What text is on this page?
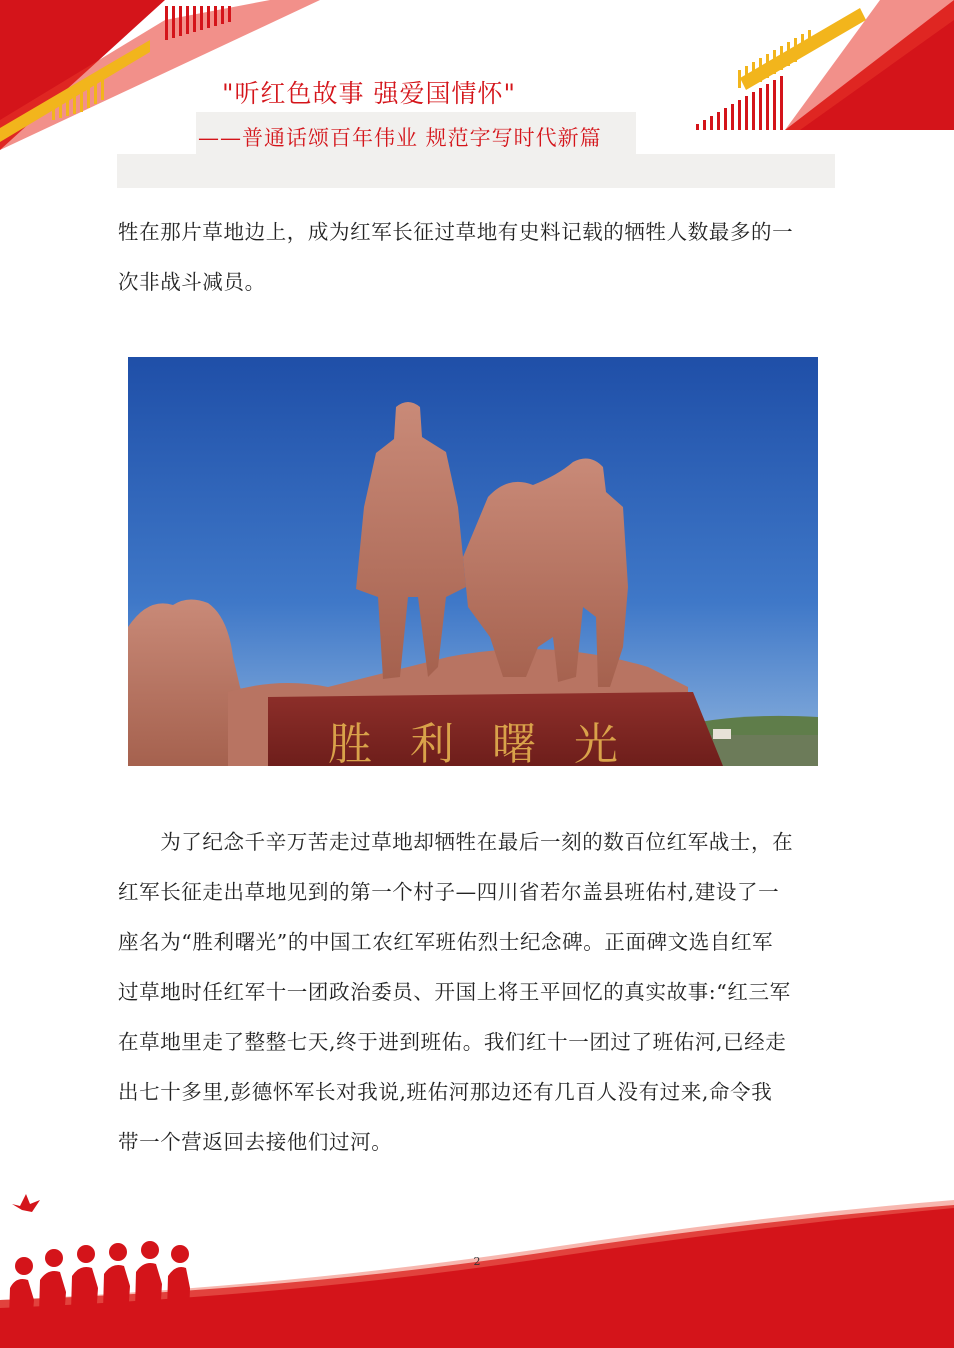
"听红色故事 强爱国情怀"
——普通话颂百年伟业 规范字写时代新篇
牲在那片草地边上，成为红军长征过草地有史料记载的牺牲人数最多的一
次非战斗减员。
胜利曙光
　　为了纪念千辛万苦走过草地却牺牲在最后一刻的数百位红军战士，在
红军长征走出草地见到的第一个村子—四川省若尔盖县班佑村,建设了一
座名为“胜利曙光”的中国工农红军班佑烈士纪念碑。正面碑文选自红军
过草地时任红军十一团政治委员、开国上将王平回忆的真实故事:“红三军
在草地里走了整整七天,终于进到班佑。我们红十一团过了班佑河,已经走
出七十多里,彭德怀军长对我说,班佑河那边还有几百人没有过来,命令我
带一个营返回去接他们过河。
2
